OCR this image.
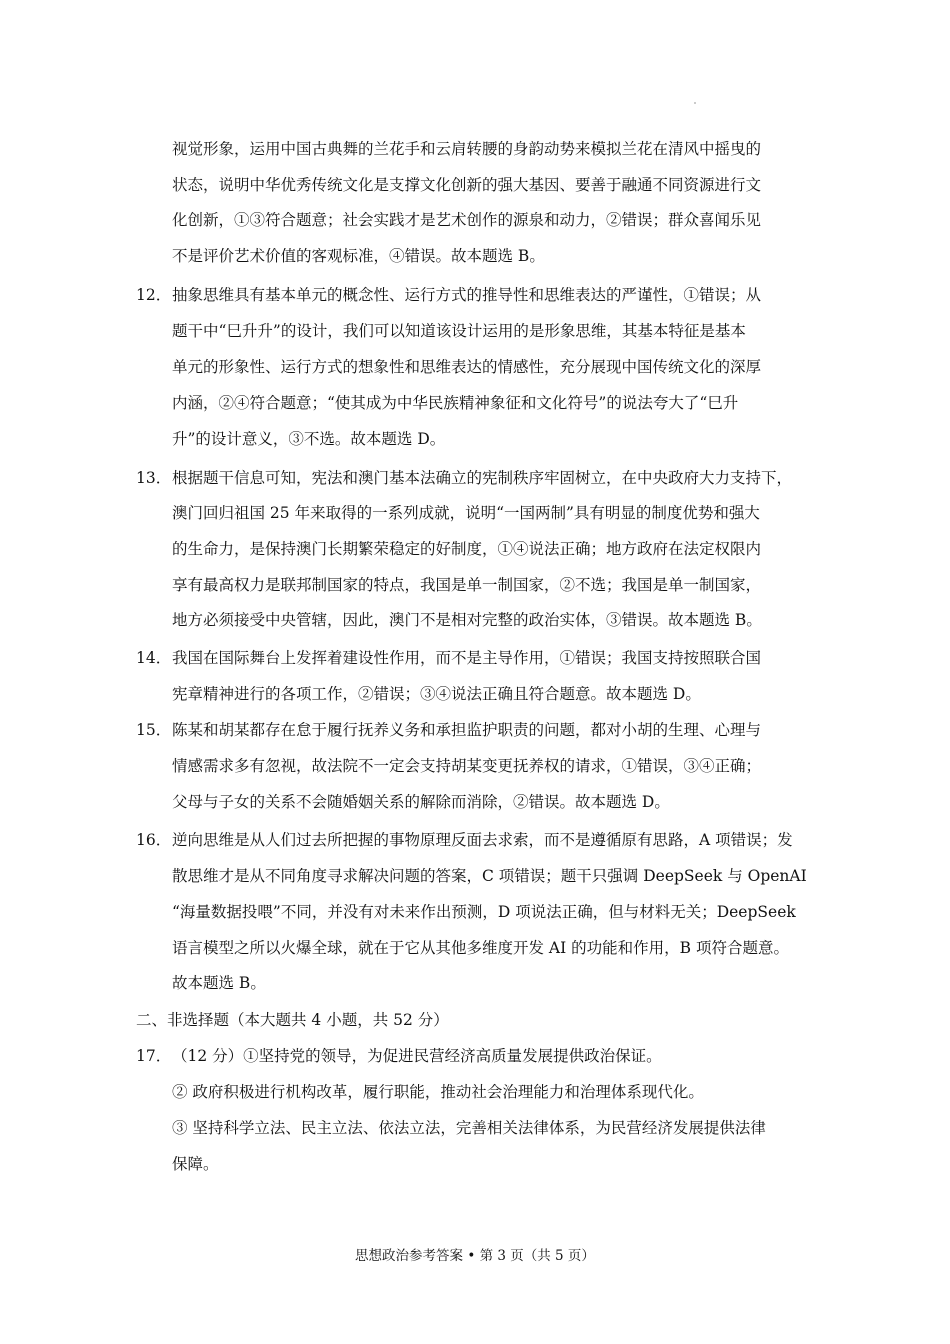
视觉形象，运用中国古典舞的兰花手和云肩转腰的身韵动势来模拟兰花在清风中摇曳的
状态，说明中华优秀传统文化是支撑文化创新的强大基因、要善于融通不同资源进行文
化创新，①③符合题意；社会实践才是艺术创作的源泉和动力，②错误；群众喜闻乐见
不是评价艺术价值的客观标准，④错误。故本题选 B。
12． 抽象思维具有基本单元的概念性、运行方式的推导性和思维表达的严谨性，①错误；从
题干中“巳升升”的设计，我们可以知道该设计运用的是形象思维，其基本特征是基本
单元的形象性、运行方式的想象性和思维表达的情感性，充分展现中国传统文化的深厚
内涵，②④符合题意；“使其成为中华民族精神象征和文化符号”的说法夸大了“巳升
升”的设计意义，③不选。故本题选 D。
13． 根据题干信息可知，宪法和澳门基本法确立的宪制秩序牢固树立，在中央政府大力支持下，
澳门回归祖国 25 年来取得的一系列成就，说明“一国两制”具有明显的制度优势和强大
的生命力，是保持澳门长期繁荣稳定的好制度，①④说法正确；地方政府在法定权限内
享有最高权力是联邦制国家的特点，我国是单一制国家，②不选；我国是单一制国家，
地方必须接受中央管辖，因此，澳门不是相对完整的政治实体，③错误。故本题选 B。
14． 我国在国际舞台上发挥着建设性作用，而不是主导作用，①错误；我国支持按照联合国
宪章精神进行的各项工作，②错误；③④说法正确且符合题意。故本题选 D。
15． 陈某和胡某都存在怠于履行抚养义务和承担监护职责的问题，都对小胡的生理、心理与
情感需求多有忽视，故法院不一定会支持胡某变更抚养权的请求，①错误，③④正确；
父母与子女的关系不会随婚姻关系的解除而消除，②错误。故本题选 D。
16． 逆向思维是从人们过去所把握的事物原理反面去求索，而不是遵循原有思路，A 项错误；发
散思维才是从不同角度寻求解决问题的答案，C 项错误；题干只强调 DeepSeek 与 OpenAI
“海量数据投喂”不同，并没有对未来作出预测，D 项说法正确，但与材料无关；DeepSeek
语言模型之所以火爆全球，就在于它从其他多维度开发 AI 的功能和作用，B 项符合题意。
故本题选 B。
二、非选择题（本大题共 4 小题，共 52 分）
17． （12 分）①坚持党的领导，为促进民营经济高质量发展提供政治保证。
② 政府积极进行机构改革，履行职能，推动社会治理能力和治理体系现代化。
③ 坚持科学立法、民主立法、依法立法，完善相关法律体系，为民营经济发展提供法律
保障。
思想政治参考答案 • 第 3 页（共 5 页）
